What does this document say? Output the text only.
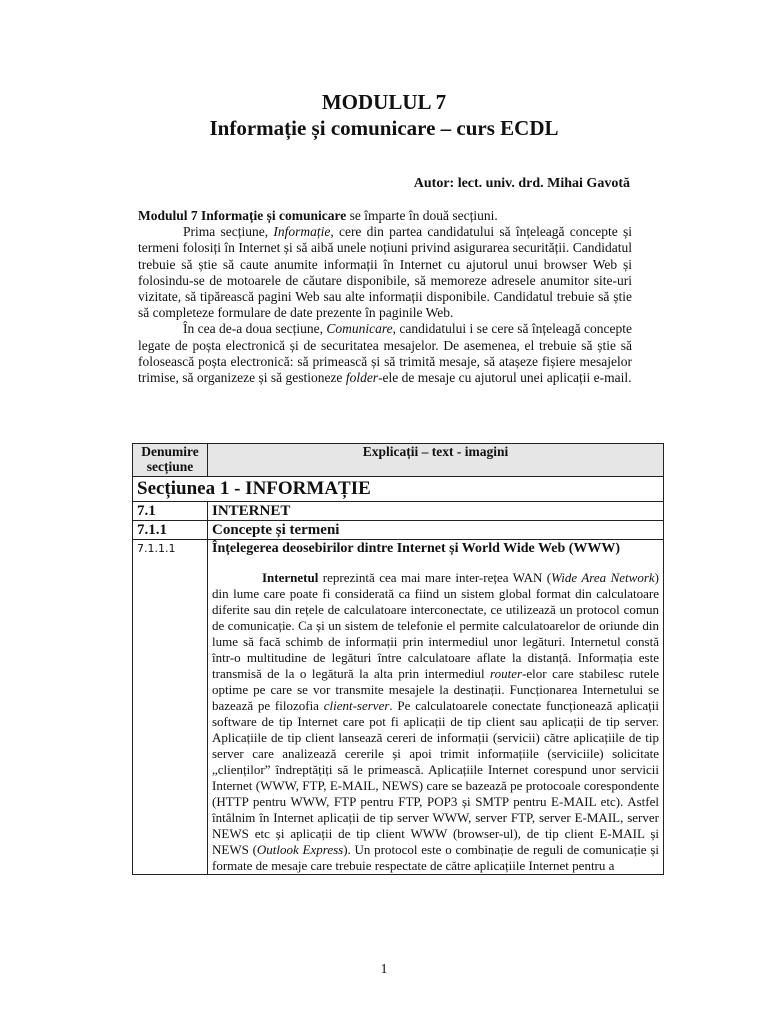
MODULUL 7
Informație și comunicare – curs ECDL
Autor: lect. univ. drd. Mihai Gavotă

Modulul 7 Informație și comunicare se împarte în două secțiuni.

Prima secțiune, Informație, cere din partea candidatului să înțeleagă concepte și termeni folosiți în Internet și să aibă unele noțiuni privind asigurarea securității. Candidatul trebuie să știe să caute anumite informații în Internet cu ajutorul unui browser Web și folosindu-se de motoarele de căutare disponibile, să memoreze adresele anumitor site-uri vizitate, să tipărească pagini Web sau alte informații disponibile. Candidatul trebuie să știe să completeze formulare de date prezente în paginile Web.

În cea de-a doua secțiune, Comunicare, candidatului i se cere să înțeleagă concepte legate de poșta electronică și de securitatea mesajelor. De asemenea, el trebuie să știe să folosească poșta electronică: să primească și să trimită mesaje, să atașeze fișiere mesajelor trimise, să organizeze și să gestioneze folder-ele de mesaje cu ajutorul unei aplicații e-mail.

Denumire secțiune	Explicații – text - imagini
Secțiunea 1 - INFORMAȚIE	
7.1	INTERNET
7.1.1	Concepte și termeni
7.1.1.1	Înțelegerea deosebirilor dintre Internet și World Wide Web (WWW)
Internetul reprezintă cea mai mare inter-rețea WAN (Wide Area Network) din lume care poate fi considerată ca fiind un sistem global format din calculatoare diferite sau din rețele de calculatoare interconectate, ce utilizează un protocol comun de comunicație. Ca și un sistem de telefonie el permite calculatoarelor de oriunde din lume să facă schimb de informații prin intermediul unor legături. Internetul constă într-o multitudine de legături între calculatoare aflate la distanță. Informația este transmisă de la o legătură la alta prin intermediul router-elor care stabilesc rutele optime pe care se vor transmite mesajele la destinații. Funcționarea Internetului se bazează pe filozofia client-server. Pe calculatoarele conectate funcționează aplicații software de tip Internet care pot fi aplicații de tip client sau aplicații de tip server. Aplicațiile de tip client lansează cereri de informații (servicii) către aplicațiile de tip server care analizează cererile și apoi trimit informațiile (serviciile) solicitate „clienților” îndreptățiți să le primească. Aplicațiile Internet corespund unor servicii Internet (WWW, FTP, E-MAIL, NEWS) care se bazează pe protocoale corespondente (HTTP pentru WWW, FTP pentru FTP, POP3 și SMTP pentru E-MAIL etc). Astfel întâlnim în Internet aplicații de tip server WWW, server FTP, server E-MAIL, server NEWS etc și aplicații de tip client WWW (browser-ul), de tip client E-MAIL și NEWS (Outlook Express). Un protocol este o combinație de reguli de comunicație și formate de mesaje care trebuie respectate de către aplicațiile Internet pentru a
1
